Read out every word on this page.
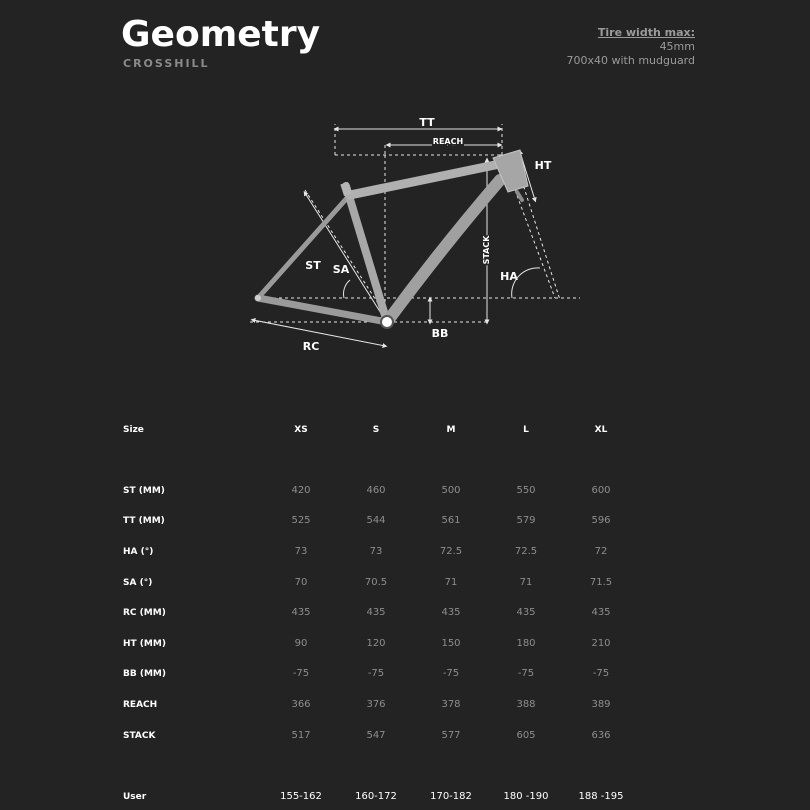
Geometry
CROSSHILL
Tire width max:
45mm
700x40 with mudguard
TT
REACH
HT
ST SA
STACK
HA
RC
BB
Size	XS	S	M	L	XL
ST (MM)	420	460	500	550	600
TT (MM)	525	544	561	579	596
HA (°)	73	73	72.5	72.5	72
SA (°)	70	70.5	71	71	71.5
RC (MM)	435	435	435	435	435
HT (MM)	90	120	150	180	210
BB (MM)	-75	-75	-75	-75	-75
REACH	366	376	378	388	389
STACK	517	547	577	605	636
User	155-162	160-172	170-182	180 -190	188 -195
